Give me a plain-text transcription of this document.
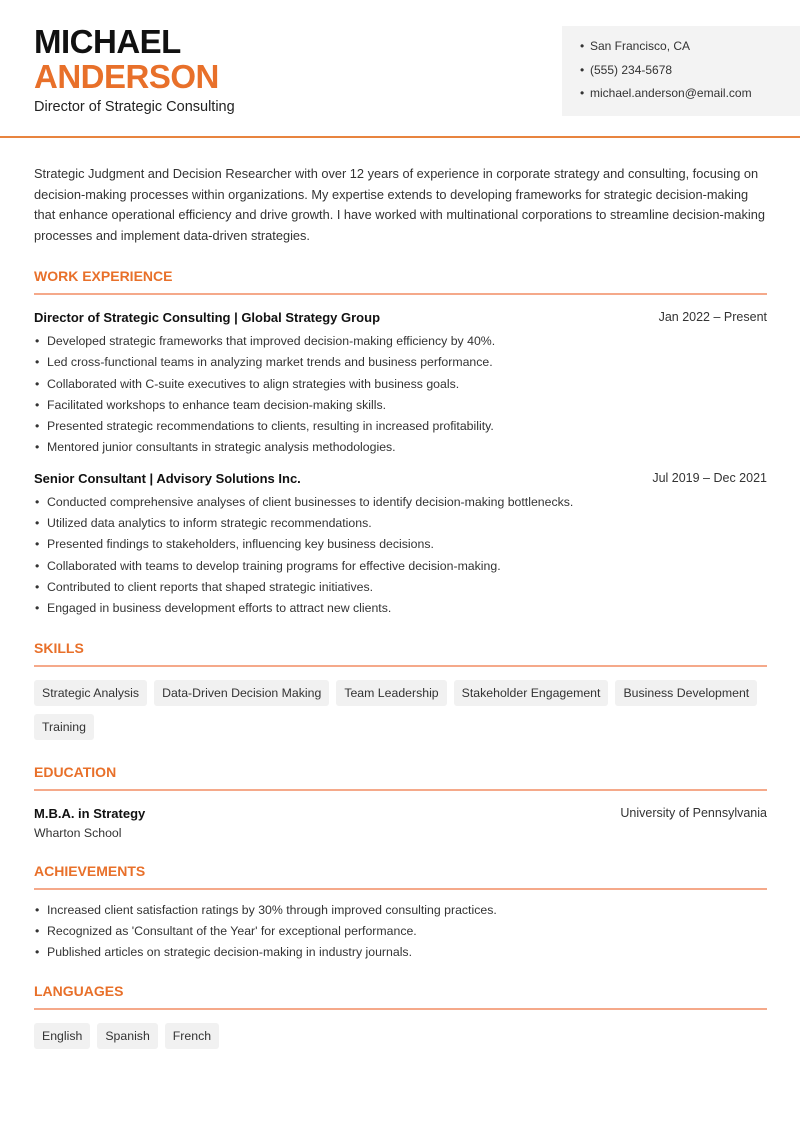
MICHAEL
ANDERSON
Director of Strategic Consulting
• San Francisco, CA
• (555) 234-5678
• michael.anderson@email.com

Strategic Judgment and Decision Researcher with over 12 years of experience in corporate strategy and consulting, focusing on decision-making processes within organizations. My expertise extends to developing frameworks for strategic decision-making that enhance operational efficiency and drive growth. I have worked with multinational corporations to streamline decision-making processes and implement data-driven strategies.

WORK EXPERIENCE
Director of Strategic Consulting | Global Strategy Group	Jan 2022 – Present
• Developed strategic frameworks that improved decision-making efficiency by 40%.
• Led cross-functional teams in analyzing market trends and business performance.
• Collaborated with C-suite executives to align strategies with business goals.
• Facilitated workshops to enhance team decision-making skills.
• Presented strategic recommendations to clients, resulting in increased profitability.
• Mentored junior consultants in strategic analysis methodologies.
Senior Consultant | Advisory Solutions Inc.	Jul 2019 – Dec 2021
• Conducted comprehensive analyses of client businesses to identify decision-making bottlenecks.
• Utilized data analytics to inform strategic recommendations.
• Presented findings to stakeholders, influencing key business decisions.
• Collaborated with teams to develop training programs for effective decision-making.
• Contributed to client reports that shaped strategic initiatives.
• Engaged in business development efforts to attract new clients.
SKILLS
Strategic Analysis	Data-Driven Decision Making	Team Leadership	Stakeholder Engagement	Business Development
Training
EDUCATION
M.B.A. in Strategy	University of Pennsylvania
Wharton School
ACHIEVEMENTS
• Increased client satisfaction ratings by 30% through improved consulting practices.
• Recognized as 'Consultant of the Year' for exceptional performance.
• Published articles on strategic decision-making in industry journals.
LANGUAGES
English	Spanish	French
